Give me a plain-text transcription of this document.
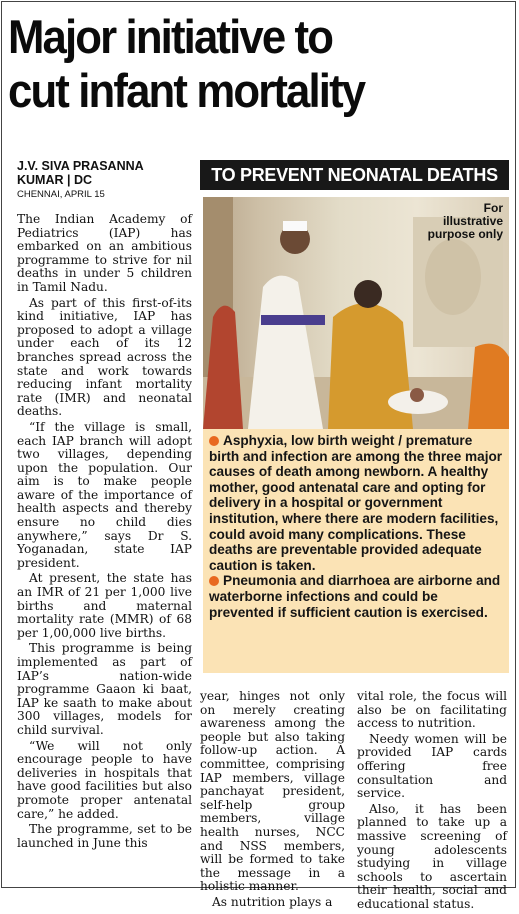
Major initiative to
cut infant mortality
J.V. SIVA PRASANNA
KUMAR | DC
CHENNAI, APRIL 15

The Indian Academy of Pediatrics (IAP) has embarked on an ambitious programme to strive for nil deaths in under 5 children in Tamil Nadu.

As part of this first-of-its kind initiative, IAP has proposed to adopt a village under each of its 12 branches spread across the state and work towards reducing infant mortality rate (IMR) and neonatal deaths.

“If the village is small, each IAP branch will adopt two villages, depending upon the population. Our aim is to make people aware of the importance of health aspects and thereby ensure no child dies anywhere,” says Dr S. Yoganadan, state IAP president.

At present, the state has an IMR of 21 per 1,000 live births and maternal mortality rate (MMR) of 68 per 1,00,000 live births.

This programme is being implemented as part of IAP’s nation-wide programme Gaaon ki baat, IAP ke saath to make about 300 villages, models for child survival.

“We will not only encourage people to have deliveries in hospitals that have good facilities but also promote proper antenatal care,” he added.

The programme, set to be launched in June this

TO PREVENT NEONATAL DEATHS
For
illustrative
purpose only

Asphyxia, low birth weight / premature birth and infection are among the three major causes of death among newborn. A healthy mother, good antenatal care and opting for delivery in a hospital or government institution, where there are modern facilities, could avoid many complications. These deaths are preventable provided adequate caution is taken.

Pneumonia and diarrhoea are airborne and waterborne infections and could be prevented if sufficient caution is exercised.

year, hinges not only on merely creating awareness among the people but also taking follow-up action. A committee, comprising IAP members, village panchayat president, self-help group members, village health nurses, NCC and NSS members, will be formed to take the message in a holistic manner.

As nutrition plays a

vital role, the focus will also be on facilitating access to nutrition.

Needy women will be provided IAP cards offering free consultation and service.

Also, it has been planned to take up a massive screening of young adolescents studying in village schools to ascertain their health, social and educational status.
